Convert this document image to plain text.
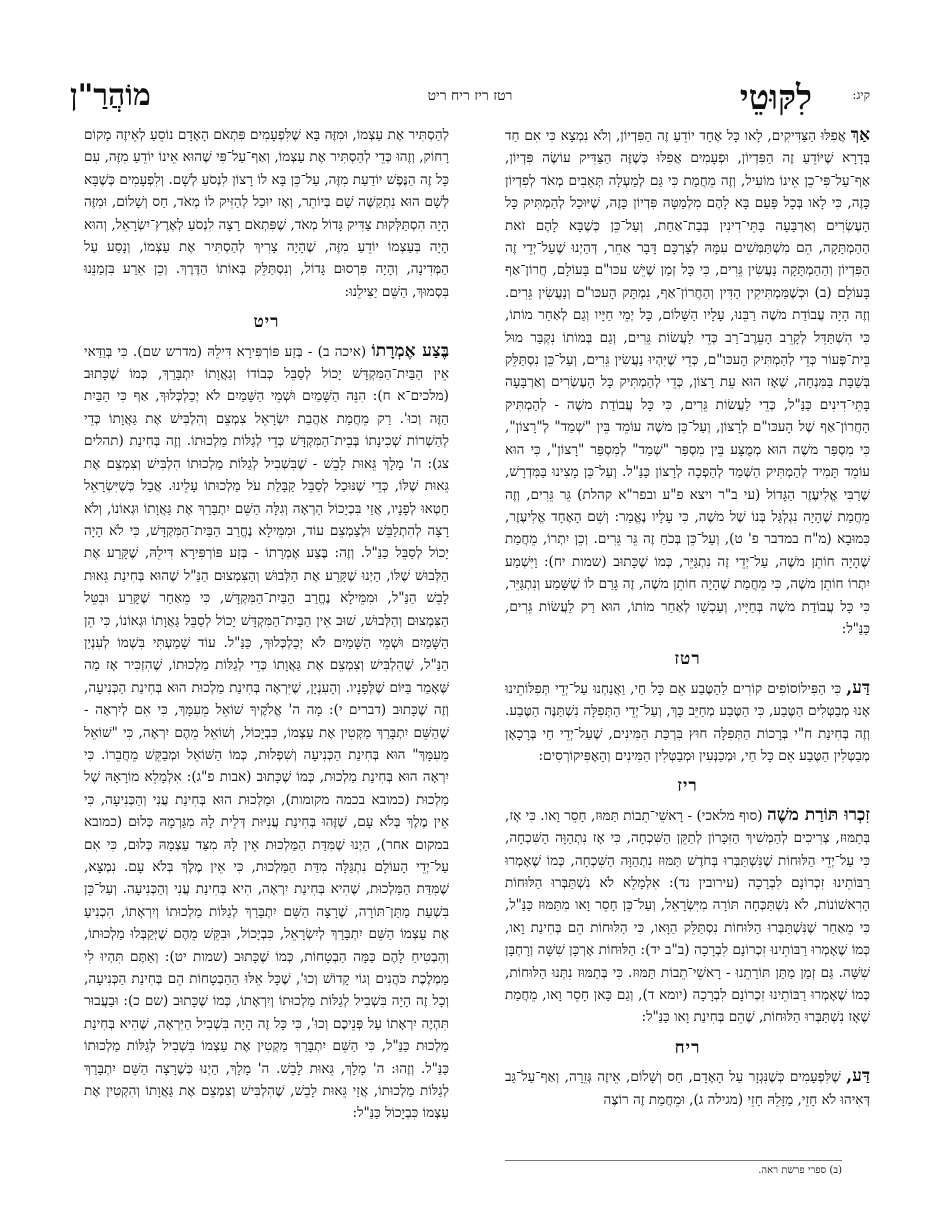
קיג:
לִקּוּטֵי
רטז ריז ריח ריט
מוֹהֲרַ"ן

אַךְ אֲפִלּוּ הַצַּדִּיקִים, לָאו כָּל אֶחָד יוֹדֵעַ זֶה הַפִּדְיוֹן, וְלֹא נִמְצָא כִּי אִם חַד בְּדָרָא שֶׁיּוֹדֵעַ זֶה הַפִּדְיוֹן, וּפְעָמִים אֲפִלּוּ כְּשֶׁזֶּה הַצַּדִּיק עוֹשֶׂה פִּדְיוֹן, אַף־עַל־פִּי־כֵן אֵינוֹ מוֹעִיל, וְזֶה מֵחֲמַת כִּי גַּם לְמַעְלָה תְּאֵבִים מְאֹד לְפִדְיוֹן כָּזֶה, כִּי לָאו בְּכָל פַּעַם בָּא לָהֶם מִלְמַטָּה פִּדְיוֹן כָּזֶה, שֶׁיּוּכַל לְהַמְתִּיק כָּל הָעֶשְׂרִים וְאַרְבָּעָה בָּתֵּי־דִינִין בְּבַת־אַחַת, וְעַל־כֵּן כְּשֶׁבָּא לָהֶם זֹאת הַהַמְתָּקָה, הֵם מִשְׁתַּמְּשִׁים עִמָּהּ לְצָרְכָּם דָּבָר אַחֵר, דְּהַיְנוּ שֶׁעַל־יְדֵי זֶה הַפִּדְיוֹן וְהַהַמְתָּקָה נַעֲשִׂין גֵּרִים, כִּי כָּל זְמַן שֶׁיֵּשׁ עכּו"ם בָּעוֹלָם, חֲרוֹן־אַף בָּעוֹלָם (ב) וּכְשֶׁמַּמְתִּיקִין הַדִּין וְהַחֲרוֹן־אַף, נִמְתָּק הָעכּו"ם וְנַעֲשִׂין גֵּרִים. וְזֶה הָיָה עֲבוֹדַת משֶׁה רַבֵּנוּ, עָלָיו הַשָּׁלוֹם, כָּל יְמֵי חַיָּיו וְגַם לְאַחַר מוֹתוֹ, כִּי הִשְׁתַּדֵּל לְקָרֵב הָעֵרֶב־רַב כְּדֵי לַעֲשׂוֹת גֵּרִים, וְגַם בְּמוֹתוֹ נִקְבַּר מוּל בֵּית־פְּעוֹר כְּדֵי לְהַמְתִּיק הָעכּו"ם, כְּדֵי שֶׁיִּהְיוּ נַעֲשִׂין גֵּרִים, וְעַל־כֵּן נִסְתַּלֵּק בְּשַׁבָּת בַּמִּנְחָה, שֶׁאָז הוּא עֵת רָצוֹן, כְּדֵי לְהַמְתִּיק כָּל הָעֶשְׂרִים וְאַרְבָּעָה בָּתֵּי־דִינִים כַּנַּ"ל, כְּדֵי לַעֲשׂוֹת גֵּרִים, כִּי כָּל עֲבוֹדַת משֶׁה - לְהַמְתִּיק הַחֲרוֹן־אַף שֶׁל הָעכּו"ם לְרָצוֹן, וְעַל־כֵּן משֶׁה עוֹמֵד בֵּין "שְׁמַד" לְ"רָצוֹן", כִּי מִסְפַּר משֶׁה הוּא מְמֻצָּע בֵּין מִסְפַּר "שְׁמַד" לְמִסְפַּר "רָצוֹן", כִּי הוּא עוֹמֵד תָּמִיד לְהַמְתִּיק הַשְּׁמַד לְהַפְכָה לְרָצוֹן כַּנַּ"ל. וְעַל־כֵּן מָצִינוּ בַּמִּדְרָשׁ, שֶׁרַבִּי אֱלִיעֶזֶר הַגָּדוֹל (עי ב"ר ויצא פ"ע ובפר"א קהלת) גֵּר גֵּרִים, וְזֶה מֵחֲמַת שֶׁהָיָה נִגְלְגַּל בְּנוֹ שֶׁל משֶׁה, כִּי עָלָיו נֶאֱמַר: וְשֵׁם הָאֶחָד אֱלִיעֶזֶר, כִּמוּבָא (מ"ח במדבר פ' ט), וְעַל־כֵּן בְּכֹחַ זֶה גֵּר גֵּרִים. וְכֵן יִתְרוֹ, מֵחֲמַת שֶׁהָיָה חוֹתֵן משֶׁה, עַל־יְדֵי זֶה נִתְגַּיֵּר, כְּמוֹ שֶׁכָּתוּב (שמות יח): וַיִּשְׁמַע יִתְרוֹ חוֹתֵן משֶׁה, כִּי מֵחֲמַת שֶׁהָיָה חוֹתֵן משֶׁה, זֶה גָּרַם לוֹ שֶׁשָּׁמַע וְנִתְגַּיֵּר, כִּי כָּל עֲבוֹדַת משֶׁה בְּחַיָּיו, וְעַכְשָׁו לְאַחַר מוֹתוֹ, הוּא רַק לַעֲשׂוֹת גֵּרִים, כַּנַּ"ל:

רטז

דַּע, כִּי הַפִּילוֹסוֹפִים קוֹרִים לַהַטֶּבַע אֵם כָּל חַי, וַאֲנַחְנוּ עַל־יְדֵי תְּפִלּוֹתֵינוּ אָנוּ מְבַטְּלִים הַטֶּבַע, כִּי הַטֶּבַע מְחַיֵּב כָּךְ, וְעַל־יְדֵי הַתְּפִלָּה נִשְׁתַּנֶּה הַטֶּבַע. וְזֶה בְּחִינַת ח"י בְּרָכוֹת הַתְּפִלָּה חוּץ בִּרְכַּת הַמִּינִים, שֶׁעַל־יְדֵי חַי בְּרָכָאָן מְבַטְּלִין הַטֶּבַע אֵם כָּל חַי, וּמְכַנְּעִין וּמְבַטְּלִין הַמִּינִים וְהָאֶפִּיקוֹרְסִים:

ריז

זִכְרוּ תּוֹרַת משֶׁה (סוף מלאכי) - רָאשֵׁי־תֵבוֹת תַּמּוּז, חָסֵר וָאו. כִּי אָז, בְּתַמּוּז, צְרִיכִים לְהַמְשִׁיךְ הַזִּכָּרוֹן לְתַקֵּן הַשִּׁכְחָה, כִּי אָז נִתְהַוָּה הַשִּׁכְחָה, כִּי עַל־יְדֵי הַלּוּחוֹת שֶׁנִּשְׁתַּבְּרוּ בְּחֹדֶשׁ תַּמּוּז נִתְהַוָּה הַשִּׁכְחָה, כְּמוֹ שֶׁאָמְרוּ רַבּוֹתֵינוּ זִכְרוֹנָם לִבְרָכָה (עירובין נד): אִלְמָלֵא לֹא נִשְׁתַּבְּרוּ הַלּוּחוֹת הָרִאשׁוֹנוֹת, לֹא נִשְׁתַּכְּחָה תּוֹרָה מִיִּשְׂרָאֵל, וְעַל־כֵּן חָסֵר וָאו מִתַּמּוּז כַּנַּ"ל, כִּי מֵאַחַר שֶׁנִּשְׁתַּבְּרוּ הַלּוּחוֹת נִסְתַּלֵּק הַוָּאו, כִּי הַלּוּחוֹת הֵם בְּחִינַת וָאו, כְּמוֹ שֶׁאָמְרוּ רַבּוֹתֵינוּ זִכְרוֹנָם לִבְרָכָה (ב"ב יד): הַלּוּחוֹת אָרְכָּן שִׁשָּׁה וְרָחְבָּן שִׁשָּׁה. גַּם זְמַן מַתַּן תּוֹרָתֵנוּ - רָאשֵׁי־תֵבוֹת תַּמּוּז. כִּי בְּתַמּוּז נִתְּנוּ הַלּוּחוֹת, כְּמוֹ שֶׁאָמְרוּ רַבּוֹתֵינוּ זִכְרוֹנָם לִבְרָכָה (יומא ד), וְגַם כָּאן חָסֵר וָאו, מֵחֲמַת שֶׁאָז נִשְׁתַּבְּרוּ הַלּוּחוֹת, שֶׁהֵם בְּחִינַת וָאו כַּנַּ"ל:

ריח

דַּע, שֶׁלִּפְעָמִים כְּשֶׁנִּגְזָר עַל הָאָדָם, חַס וְשָׁלוֹם, אֵיזֶה גְּזֵרָה, וְאַף־עַל־גַּב דְּאִיהוּ לֹא חָזֵי, מַזָּלֵהּ חָזֵי (מגילה ג), וּמֵחֲמַת זֶה רוֹצֶה

לְהַסְתִּיר אֶת עַצְמוֹ, וּמִזֶּה בָּא שֶׁלִּפְעָמִים פִּתְאֹם הָאָדָם נוֹסֵעַ לְאֵיזֶה מָקוֹם רָחוֹק, וְזֶהוּ כְּדֵי לְהַסְתִּיר אֶת עַצְמוֹ, וְאַף־עַל־פִּי שֶׁהוּא אֵינוֹ יוֹדֵעַ מִזֶּה, עִם כָּל זֶה הַנֶּפֶשׁ יוֹדַעַת מִזֶּה, עַל־כֵּן בָּא לוֹ רָצוֹן לִנְסֹעַ לְשָׁם. וְלִפְעָמִים כְּשֶׁבָּא לְשָׁם הוּא נִתְקַשֶּׁה שָׁם בְּיוֹתֵר, וְאָז יוּכַל לְהַזִּיק לוֹ מְאֹד, חַס וְשָׁלוֹם, וּמִזֶּה הָיָה הִסְתַּלְּקוּת צַדִּיק גָּדוֹל מְאֹד, שֶׁפִּתְאֹם רָצָה לִנְסֹעַ לְאֶרֶץ־יִשְׂרָאֵל, וְהוּא הָיָה בְּעַצְמוֹ יוֹדֵעַ מִזֶּה, שֶׁהָיָה צָרִיךְ לְהַסְתִּיר אֶת עַצְמוֹ, וְנָסַע עַל הַמְּדִינָה, וְהָיָה פִּרְסוּם גָּדוֹל, וְנִסְתַּלֵּק בְּאוֹתוֹ הַדֶּרֶךְ. וְכֵן אֵרַע בִּזְמַנֵּנוּ בִּסְמוּךְ, הַשֵּׁם יַצִּילֵנוּ:

ריט

בֶּצַע אֶמְרָתוֹ (איכה ב) - בְּזַע פּוֹרְפִּירָא דִּילֵהּ (מדרש שם). כִּי בְּוַדַּאי אֵין הַבַּיִת־הַמִּקְדָּשׁ יָכוֹל לְסַבֵּל כְּבוֹדוֹ וְגַאֲוָתוֹ יִתְבָּרַךְ, כְּמוֹ שֶׁכָּתוּב (מלכים־א ח): הִנֵּה הַשָּׁמַיִם וּשְׁמֵי הַשָּׁמַיִם לֹא יְכַלְכְּלוּךָ, אַף כִּי הַבַּיִת הַזֶּה וְכוּ'. רַק מֵחֲמַת אַהֲבַת יִשְׂרָאֵל צִמְצֵם וְהִלְבִּישׁ אֶת גַּאֲוָתוֹ כְּדֵי לְהַשְׁרוֹת שְׁכִינָתוֹ בְּבֵית־הַמִּקְדָּשׁ כְּדֵי לְגַלּוֹת מַלְכוּתוֹ. וְזֶה בְּחִינַת (תהלים צג): ה' מָלָךְ גֵּאוּת לָבֵשׁ - שֶׁבִּשְׁבִיל לְגַלּוֹת מַלְכוּתוֹ הִלְבִּישׁ וְצִמְצֵם אֶת גֵּאוּת שֶׁלּוֹ, כְּדֵי שֶׁנּוּכַל לְסַבֵּל קַבָּלַת עֹל מַלְכוּתוֹ עָלֵינוּ. אֲבָל כְּשֶׁיִּשְׂרָאֵל חָטְאוּ לְפָנָיו, אֲזַי בִּכְיָכוֹל הַרְאָה וְגִלָּה הַשֵּׁם יִתְבָּרַךְ אֶת גַּאֲוָתוֹ וּגְאוֹנוֹ, וְלֹא רָצָה לְהִתְלַבֵּשׁ וּלְצַמְצֵם עוֹד, וּמִמֵּילָא נֶחֱרַב הַבַּיִת־הַמִּקְדָּשׁ, כִּי לֹא הָיָה יָכוֹל לְסַבֵּל כַּנַּ"ל. וְזֶה: בֶּצַע אֶמְרָתוֹ - בְּזַע פּוֹרְפִּירָא דִּילֵהּ, שֶׁקָּרַע אֶת הַלְּבוּשׁ שֶׁלּוֹ, הַיְנוּ שֶׁקָּרַע אֶת הַלְּבוּשׁ וְהַצִּמְצוּם הַנַּ"ל שֶׁהוּא בְּחִינַת גֵּאוּת לָבֵשׁ הַנַּ"ל, וּמִמֵּילָא נֶחֱרַב הַבַּיִת־הַמִּקְדָּשׁ, כִּי מֵאַחַר שֶׁקָּרַע וּבִטֵּל הַצִּמְצוּם וְהַלְּבוּשׁ, שׁוּב אֵין הַבַּיִת־הַמִּקְדָּשׁ יָכוֹל לְסַבֵּל גַּאֲוָתוֹ וּגְאוֹנוֹ, כִּי הֵן הַשָּׁמַיִם וּשְׁמֵי הַשָּׁמַיִם לֹא יְכַלְכְּלוּךָ, כַּנַּ"ל. עוֹד שָׁמַעְתִּי בִּשְׁמוֹ לְעִנְיַן הַנַּ"ל, שֶׁהִלְבִּישׁ וְצִמְצֵם אֶת גַּאֲוָתוֹ כְּדֵי לְגַלּוֹת מַלְכוּתוֹ, שֶׁהִזְכִּיר אָז מַה שֶּׁאָמַר בַּיּוֹם שֶׁלְּפָנָיו. וְהָעִנְיָן, שֶׁיִּרְאָה בְּחִינַת מַלְכוּת הוּא בְּחִינַת הַכְּנִיעָה, וְזֶה שֶׁכָּתוּב (דברים י): מָה ה' אֱלֹקֶיךָ שׁוֹאֵל מֵעִמָּךְ, כִּי אִם לְיִרְאָה - שֶׁהַשֵּׁם יִתְבָּרַךְ מַקְטִין אֶת עַצְמוֹ, כִּבְיָכוֹל, וְשׁוֹאֵל מֵהֶם יִרְאָה, כִּי "שׁוֹאֵל מֵעִמָּךְ" הוּא בְּחִינַת הַכְּנִיעָה וְשִׁפְלוּת, כְּמוֹ הַשּׁוֹאֵל וּמְבַקֵּשׁ מֵחֲבֵרוֹ. כִּי יִרְאָה הוּא בְּחִינַת מַלְכוּת, כְּמוֹ שֶׁכָּתוּב (אבות פ"ג): אִלְמָלֵא מוֹרָאָהּ שֶׁל מַלְכוּת (כמובא בכמה מקומות), וּמַלְכוּת הוּא בְּחִינַת עֲנִי וְהַכְּנִיעָה, כִּי אֵין מֶלֶךְ בְּלֹא עָם, שֶׁזֶּהוּ בְּחִינַת עֲנִיּוּת דְּלֵית לָהּ מִגַּרְמָהּ כְּלוּם (כמובא במקום אחר), הַיְנוּ שֶׁמִּדַּת הַמַּלְכוּת אֵין לָהּ מִצַּד עַצְמָהּ כְּלוּם, כִּי אִם עַל־יְדֵי הָעוֹלָם נִתְגַּלָּה מִדַּת הַמַּלְכוּת, כִּי אֵין מֶלֶךְ בְּלֹא עָם. נִמְצָא, שֶׁמִּדַּת הַמַּלְכוּת, שֶׁהִיא בְּחִינַת יִרְאָה, הִיא בְּחִינַת עֲנִי וְהַכְּנִיעָה. וְעַל־כֵּן בִּשְׁעַת מַתַּן־תּוֹרָה, שֶׁרָצָה הַשֵּׁם יִתְבָּרַךְ לְגַלּוֹת מַלְכוּתוֹ וְיִרְאָתוֹ, הִכְנִיעַ אֶת עַצְמוֹ הַשֵּׁם יִתְבָּרַךְ לְיִשְׂרָאֵל, כִּבְיָכוֹל, וּבִקֵּשׁ מֵהֶם שֶׁיְּקַבְּלוּ מַלְכוּתוֹ, וְהִבְטִיחַ לָהֶם כַּמָּה הַבְטָחוֹת, כְּמוֹ שֶׁכָּתוּב (שמות יט): וְאַתֶּם תִּהְיוּ לִי מַמְלֶכֶת כֹּהֲנִים וְגוֹי קָדוֹשׁ וְכוּ', שֶׁכָּל אֵלּוּ הַהַבְטָחוֹת הֵם בְּחִינַת הַכְּנִיעָה, וְכָל זֶה הָיָה בִּשְׁבִיל לְגַלּוֹת מַלְכוּתוֹ וְיִרְאָתוֹ, כְּמוֹ שֶׁכָּתוּב (שם כ): וּבַעֲבוּר תִּהְיֶה יִרְאָתוֹ עַל פְּנֵיכֶם וְכוּ', כִּי כָּל זֶה הָיָה בִּשְׁבִיל הַיִּרְאָה, שֶׁהִיא בְּחִינַת מַלְכוּת כַּנַּ"ל, כִּי הַשֵּׁם יִתְבָּרַךְ מַקְטִין אֶת עַצְמוֹ בִּשְׁבִיל לְגַלּוֹת מַלְכוּתוֹ כַּנַּ"ל. וְזֶהוּ: ה' מָלָךְ, גֵּאוּת לָבֵשׁ. ה' מָלָךְ, הַיְנוּ כְּשֶׁרָצָה הַשֵּׁם יִתְבָּרַךְ לְגַלּוֹת מַלְכוּתוֹ, אֲזַי גֵּאוּת לָבֵשׁ, שֶׁהִלְבִּישׁ וְצִמְצֵם אֶת גַּאֲוָתוֹ וְהִקְטִין אֶת עַצְמוֹ כִּבְיָכוֹל כַּנַּ"ל:

(ב) ספרי פרשת ראה.
